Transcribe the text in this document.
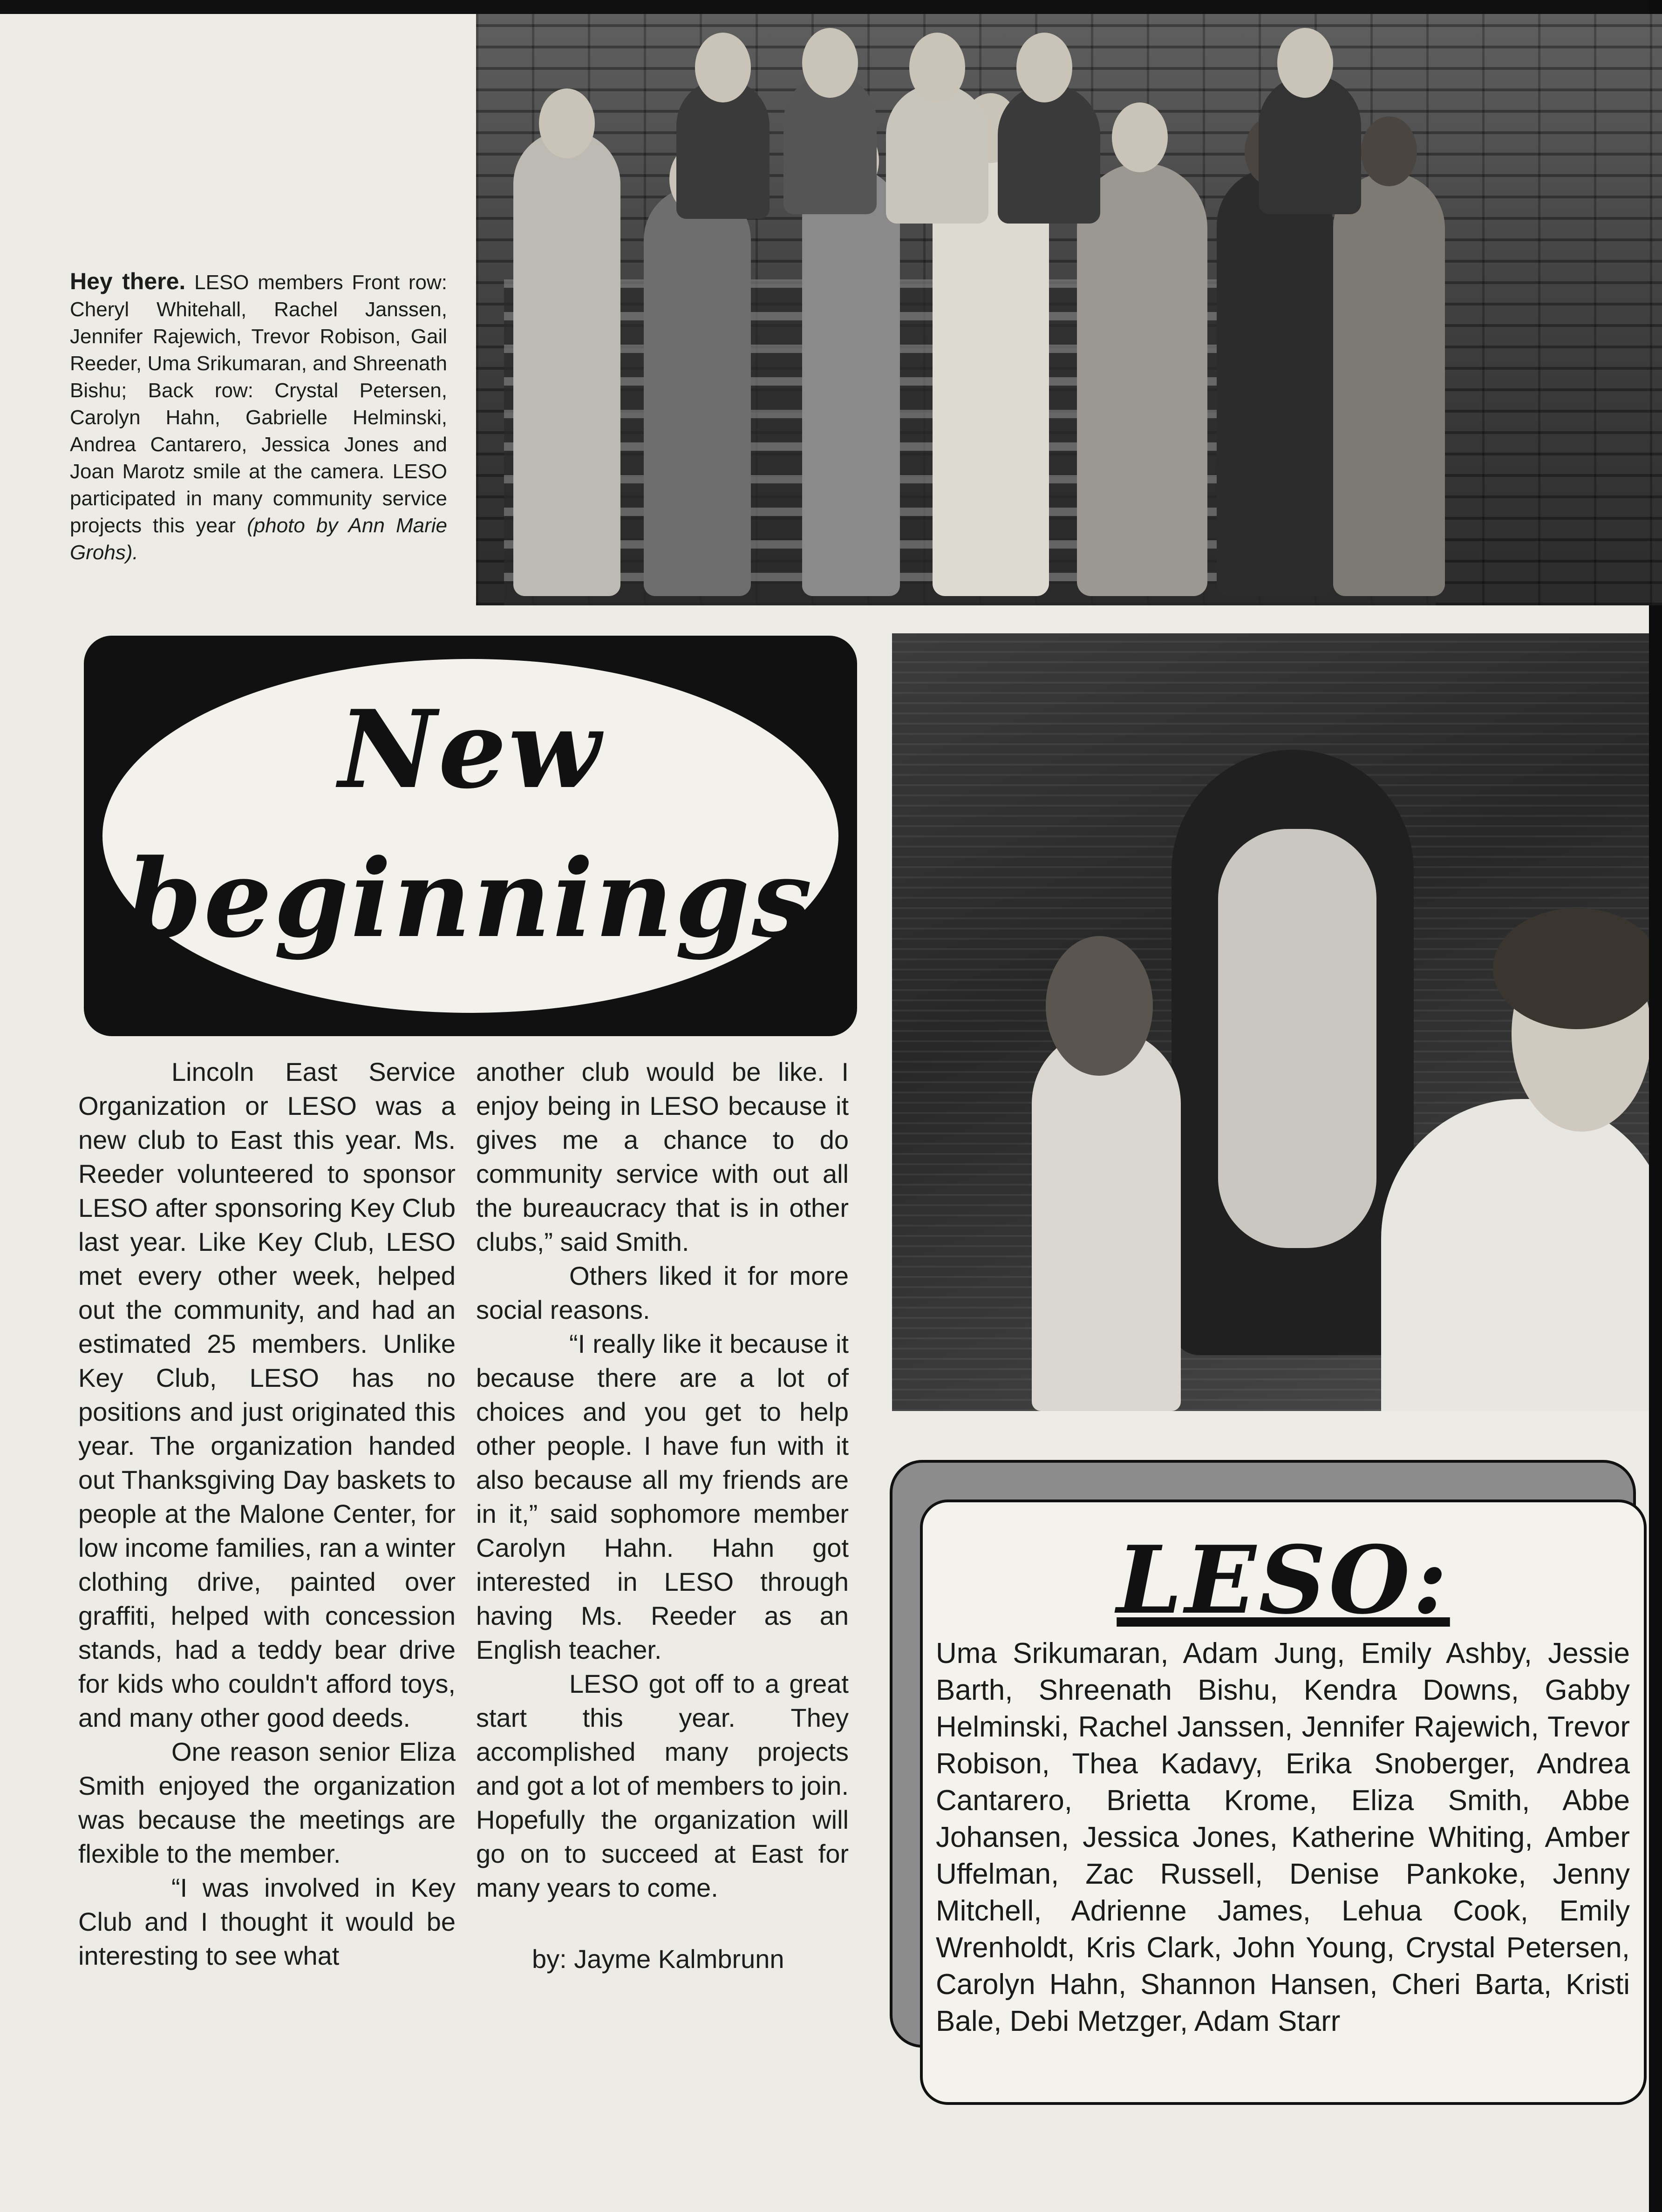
Hey there. LESO members Front row: Cheryl Whitehall, Rachel Janssen, Jennifer Rajewich, Trevor Robison, Gail Reeder, Uma Srikumaran, and Shreenath Bishu; Back row: Crystal Petersen, Carolyn Hahn, Gabrielle Helminski, Andrea Cantarero, Jessica Jones and Joan Marotz smile at the camera. LESO participated in many community service projects this year (photo by Ann Marie Grohs).
New
beginnings

Lincoln East Service Organization or LESO was a new club to East this year. Ms. Reeder volunteered to sponsor LESO after sponsoring Key Club last year. Like Key Club, LESO met every other week, helped out the community, and had an estimated 25 members. Unlike Key Club, LESO has no positions and just originated this year. The organization handed out Thanksgiving Day baskets to people at the Malone Center, for low income families, ran a winter clothing drive, painted over graffiti, helped with concession stands, had a teddy bear drive for kids who couldn't afford toys, and many other good deeds.

One reason senior Eliza Smith enjoyed the organization was because the meetings are flexible to the member.

“I was involved in Key Club and I thought it would be interesting to see what

another club would be like. I enjoy being in LESO because it gives me a chance to do community service with out all the bureaucracy that is in other clubs,” said Smith.

Others liked it for more social reasons.

“I really like it because it because there are a lot of choices and you get to help other people. I have fun with it also because all my friends are in it,” said sophomore member Carolyn Hahn. Hahn got interested in LESO through having Ms. Reeder as an English teacher.

LESO got off to a great start this year. They accomplished many projects and got a lot of members to join. Hopefully the organization will go on to succeed at East for many years to come.

by: Jayme Kalmbrunn

LESO:
Uma Srikumaran, Adam Jung, Emily Ashby, Jessie Barth, Shreenath Bishu, Kendra Downs, Gabby Helminski, Rachel Janssen, Jennifer Rajewich, Trevor Robison, Thea Kadavy, Erika Snoberger, Andrea Cantarero, Brietta Krome, Eliza Smith, Abbe Johansen, Jessica Jones, Katherine Whiting, Amber Uffelman, Zac Russell, Denise Pankoke, Jenny Mitchell, Adrienne James, Lehua Cook, Emily Wrenholdt, Kris Clark, John Young, Crystal Petersen, Carolyn Hahn, Shannon Hansen, Cheri Barta, Kristi Bale, Debi Metzger, Adam Starr
